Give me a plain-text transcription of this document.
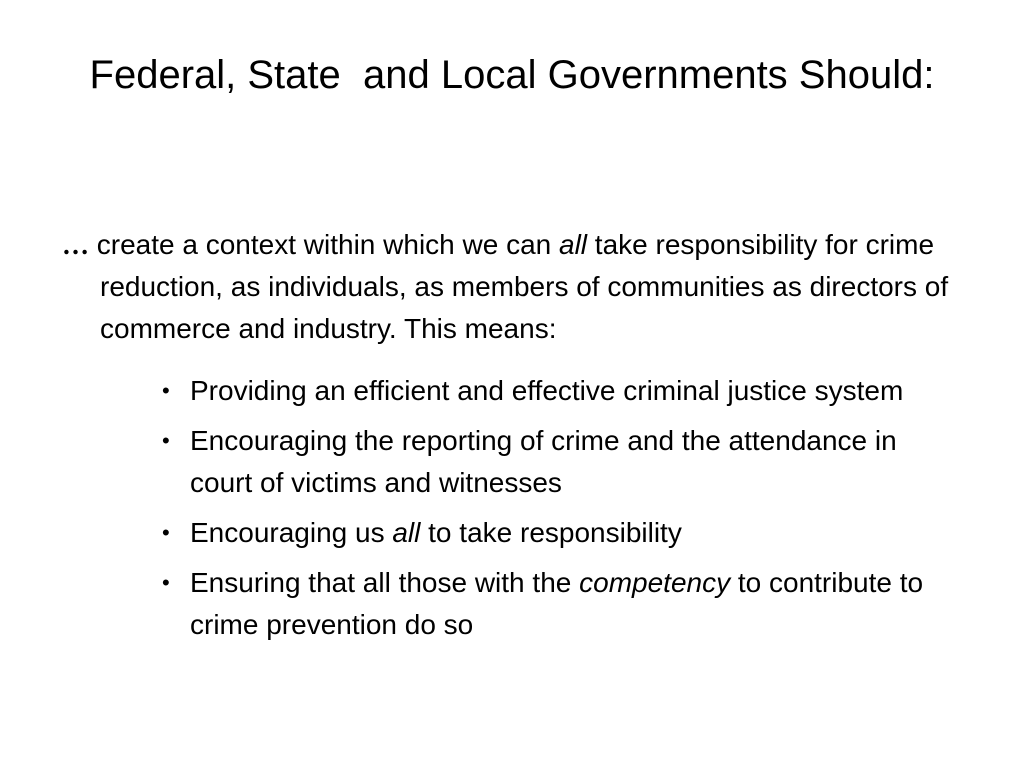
Federal, State  and Local Governments Should:

… create a context within which we can all take responsibility for crime reduction, as individuals, as members of communities as directors of commerce and industry. This means:

• Providing an efficient and effective criminal justice system
• Encouraging the reporting of crime and the attendance in court of victims and witnesses
• Encouraging us all to take responsibility
• Ensuring that all those with the competency to contribute to crime prevention do so
